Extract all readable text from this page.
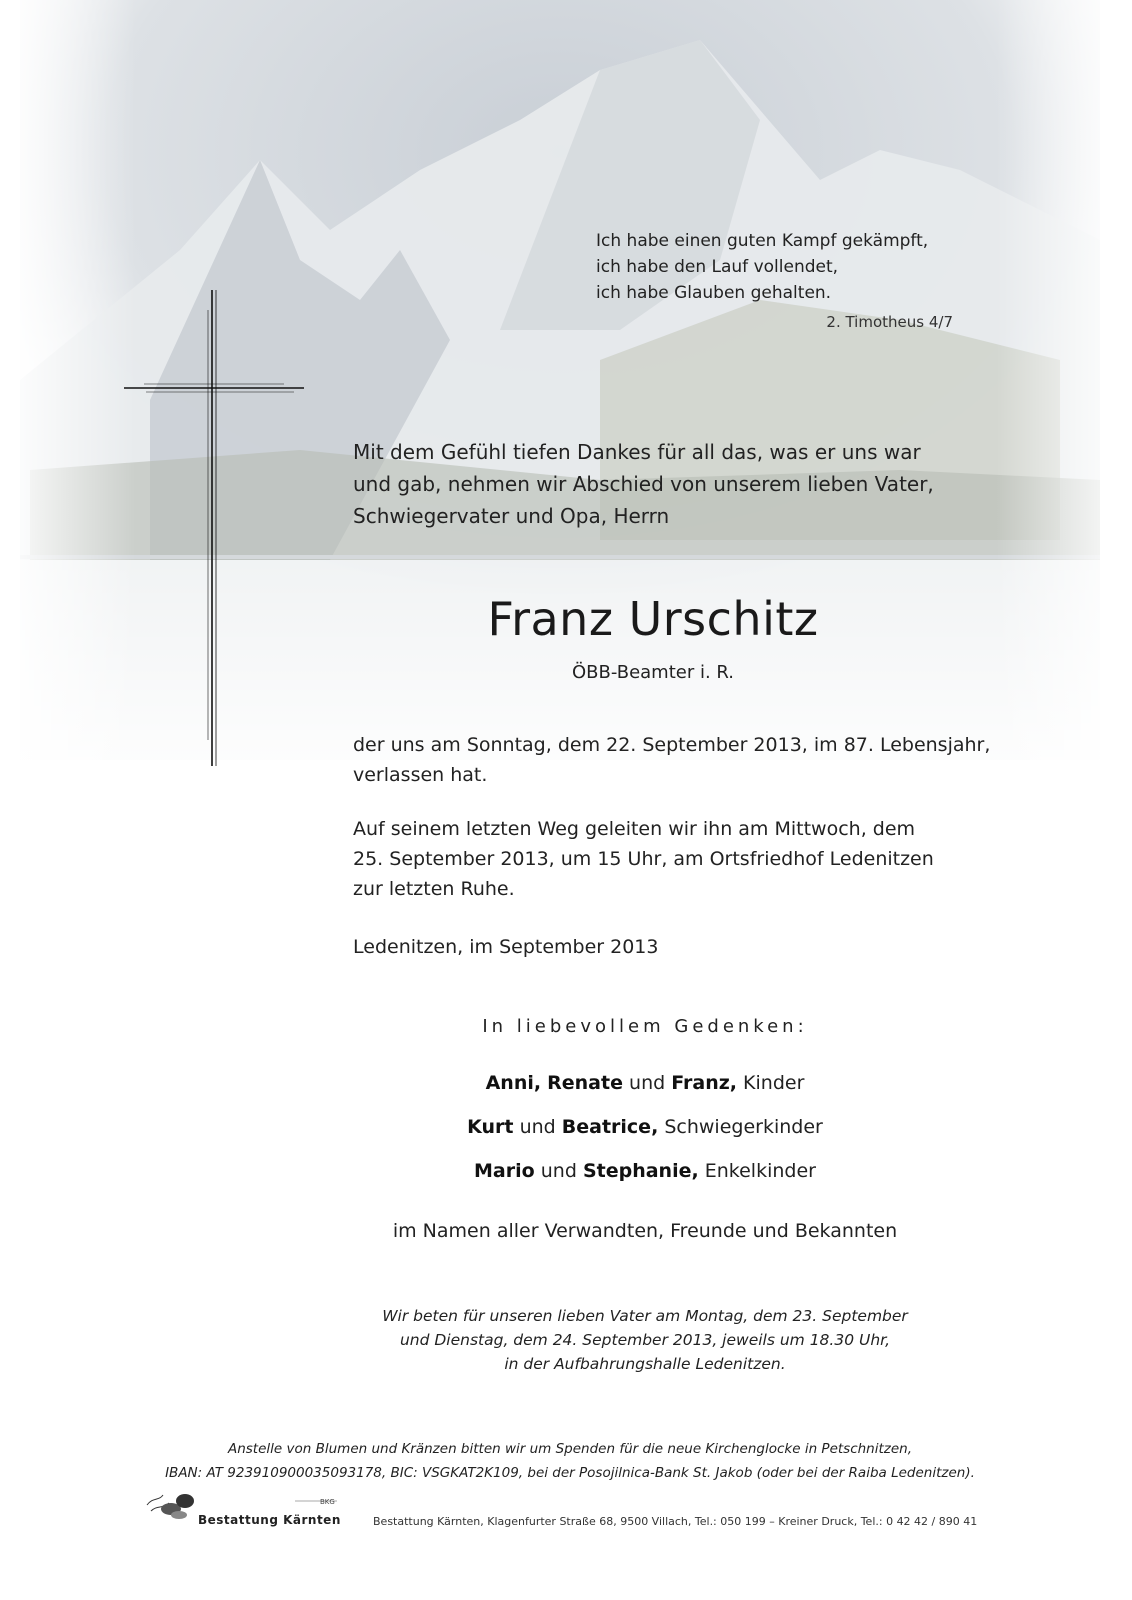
Ich habe einen guten Kampf gekämpft,
ich habe den Lauf vollendet,
ich habe Glauben gehalten.
2. Timotheus 4/7
Mit dem Gefühl tiefen Dankes für all das, was er uns war
und gab, nehmen wir Abschied von unserem lieben Vater,
Schwiegervater und Opa, Herrn
Franz Urschitz
ÖBB-Beamter i. R.
der uns am Sonntag, dem 22. September 2013, im 87. Lebensjahr,
verlassen hat.
Auf seinem letzten Weg geleiten wir ihn am Mittwoch, dem
25. September 2013, um 15 Uhr, am Ortsfriedhof Ledenitzen
zur letzten Ruhe.
Ledenitzen, im September 2013
In liebevollem Gedenken:
Anni, Renate und Franz, Kinder
Kurt und Beatrice, Schwiegerkinder
Mario und Stephanie, Enkelkinder
im Namen aller Verwandten, Freunde und Bekannten
Wir beten für unseren lieben Vater am Montag, dem 23. September
und Dienstag, dem 24. September 2013, jeweils um 18.30 Uhr,
in der Aufbahrungshalle Ledenitzen.
Anstelle von Blumen und Kränzen bitten wir um Spenden für die neue Kirchenglocke in Petschnitzen,
IBAN: AT 923910900035093178, BIC: VSGKAT2K109, bei der Posojilnica-Bank St. Jakob (oder bei der Raiba Ledenitzen).
BKG
Bestattung Kärnten	Bestattung Kärnten, Klagenfurter Straße 68, 9500 Villach, Tel.: 050 199 – Kreiner Druck, Tel.: 0 42 42 / 890 41
